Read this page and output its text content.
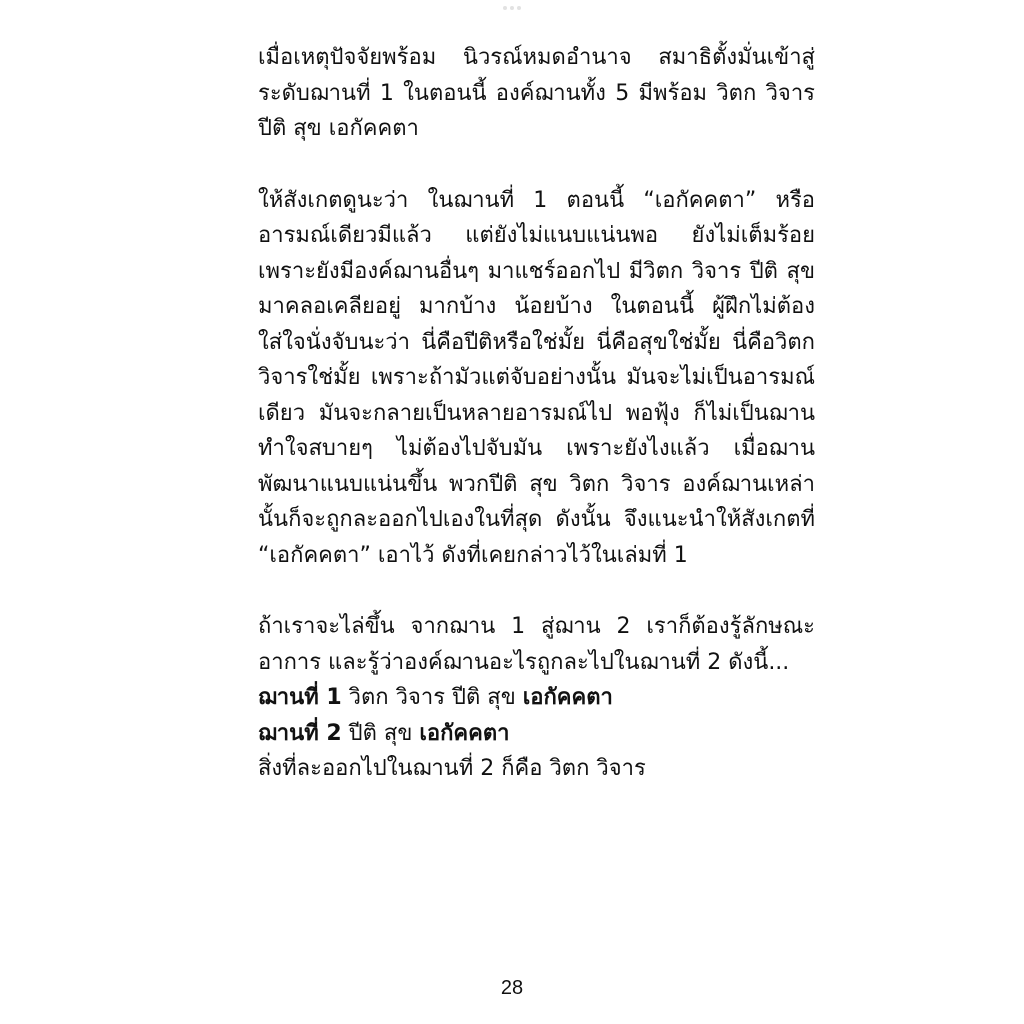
เมื่อเหตุปัจจัยพร้อม นิวรณ์หมดอำนาจ สมาธิตั้งมั่นเข้าสู่ระดับฌานที่ 1 ในตอนนี้ องค์ฌานทั้ง 5 มีพร้อม วิตก วิจาร ปีติ สุข เอกัคคตา

ให้สังเกตดูนะว่า ในฌานที่ 1 ตอนนี้ “เอกัคคตา” หรืออารมณ์เดียวมีแล้ว แต่ยังไม่แนบแน่นพอ ยังไม่เต็มร้อย เพราะยังมีองค์ฌานอื่นๆ มาแชร์ออกไป มีวิตก วิจาร ปีติ สุข มาคลอเคลียอยู่ มากบ้าง น้อยบ้าง ในตอนนี้ ผู้ฝึกไม่ต้องใส่ใจนั่งจับนะว่า นี่คือปีติหรือใช่มั้ย นี่คือสุขใช่มั้ย นี่คือวิตกวิจารใช่มั้ย เพราะถ้ามัวแต่จับอย่างนั้น มันจะไม่เป็นอารมณ์เดียว มันจะกลายเป็นหลายอารมณ์ไป พอฟุ้ง ก็ไม่เป็นฌาน ทำใจสบายๆ ไม่ต้องไปจับมัน เพราะยังไงแล้ว เมื่อฌานพัฒนาแนบแน่นขึ้น พวกปีติ สุข วิตก วิจาร องค์ฌานเหล่านั้นก็จะถูกละออกไปเองในที่สุด ดังนั้น จึงแนะนำให้สังเกตที่ “เอกัคคตา” เอาไว้ ดังที่เคยกล่าวไว้ในเล่มที่ 1

ถ้าเราจะไล่ขึ้น จากฌาน 1 สู่ฌาน 2 เราก็ต้องรู้ลักษณะอาการ และรู้ว่าองค์ฌานอะไรถูกละไปในฌานที่ 2 ดังนี้...

ฌานที่ 1 วิตก วิจาร ปีติ สุข เอกัคคตา

ฌานที่ 2 ปีติ สุข เอกัคคตา

สิ่งที่ละออกไปในฌานที่ 2 ก็คือ วิตก วิจาร

28
